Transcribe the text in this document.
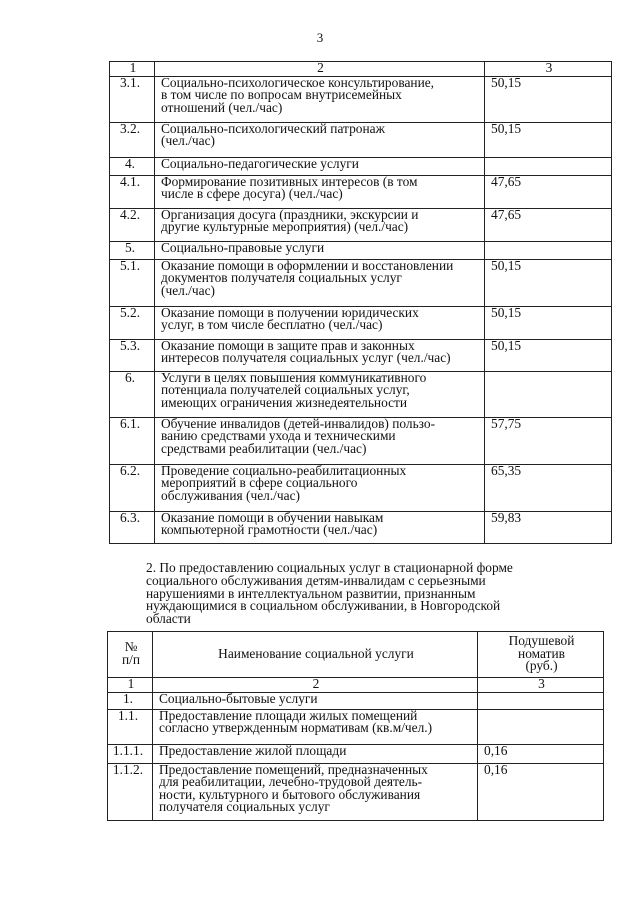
3
1	2	3
3.1.	Социально-психологическое консультирование,
в том числе по вопросам внутрисемейных
отношений (чел./час)	50,15
3.2.	Социально-психологический патронаж
(чел./час)	50,15
4.	Социально-педагогические услуги	
4.1.	Формирование позитивных интересов (в том
числе в сфере досуга) (чел./час)	47,65
4.2.	Организация досуга (праздники, экскурсии и
другие культурные мероприятия) (чел./час)	47,65
5.	Социально-правовые услуги	
5.1.	Оказание помощи в оформлении и восстановлении
документов получателя социальных услуг
(чел./час)	50,15
5.2.	Оказание помощи в получении юридических
услуг, в том числе бесплатно (чел./час)	50,15
5.3.	Оказание помощи в защите прав и законных
интересов получателя социальных услуг (чел./час)	50,15
6.	Услуги в целях повышения коммуникативного
потенциала получателей социальных услуг,
имеющих ограничения жизнедеятельности	
6.1.	Обучение инвалидов (детей-инвалидов) пользо-
ванию средствами ухода и техническими
средствами реабилитации (чел./час)	57,75
6.2.	Проведение социально-реабилитационных
мероприятий в сфере социального
обслуживания (чел./час)	65,35
6.3.	Оказание помощи в обучении навыкам
компьютерной грамотности (чел./час)	59,83
2. По предоставлению социальных услуг в стационарной форме
социального обслуживания детям-инвалидам с серьезными
нарушениями в интеллектуальном развитии, признанным
нуждающимися в социальном обслуживании, в Новгородской
области
№
п/п	Наименование социальной услуги	Подушевой
номатив
(руб.)
1	2	3
1.	Социально-бытовые услуги	
1.1.	Предоставление площади жилых помещений
согласно утвержденным нормативам (кв.м/чел.)	
1.1.1.	Предоставление жилой площади	0,16
1.1.2.	Предоставление помещений, предназначенных
для реабилитации, лечебно-трудовой деятель-
ности, культурного и бытового обслуживания
получателя социальных услуг	0,16
